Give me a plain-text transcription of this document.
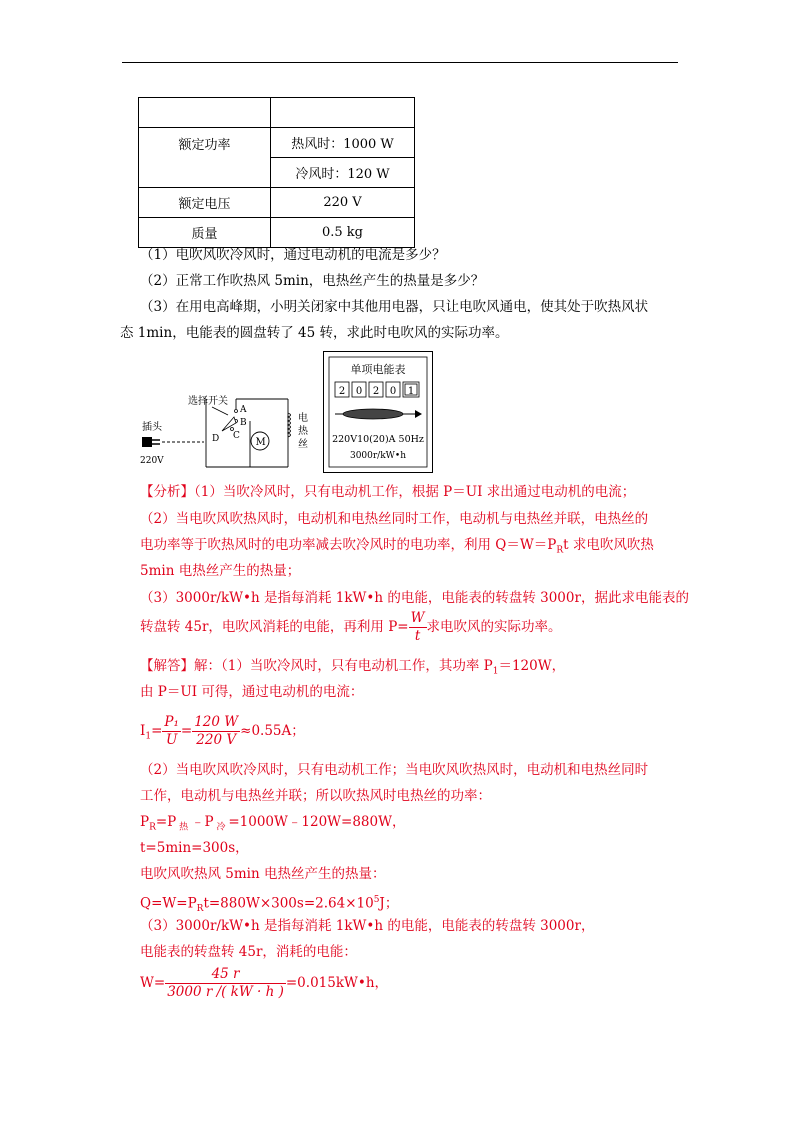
额定功率	热风时：1000 W
	冷风时：120 W
额定电压	220 V
质量	0.5 kg
（1）电吹风吹冷风时，通过电动机的电流是多少？
（2）正常工作吹热风 5min，电热丝产生的热量是多少？
（3）在用电高峰期，小明关闭家中其他用电器，只让电吹风通电，使其处于吹热风状
态 1min，电能表的圆盘转了 45 转，求此时电吹风的实际功率。
选择开关
插头
220V
电
热
丝
A
B
C
D	M
单项电能表
2 0 2 0 1
220V10(20)A 50Hz
3000r/kW•h
【分析】（1）当吹冷风时，只有电动机工作，根据 P＝UI 求出通过电动机的电流；
（2）当电吹风吹热风时，电动机和电热丝同时工作，电动机与电热丝并联，电热丝的
电功率等于吹热风时的电功率减去吹冷风时的电功率，利用 $Q=W=P_Rt$ 求电吹风吹热
5min 电热丝产生的热量；
（3）3000r/kW•h 是指每消耗 1kW•h 的电能，电能表的转盘转 3000r，据此求电能表的
转盘转 45r，电吹风消耗的电能，再利用 $P= \frac{W}{t}$ 求电吹风的实际功率。
【解答】解：（1）当吹冷风时，只有电动机工作，其功率 $P_1=120W$，
由 P＝UI 可得，通过电动机的电流：
$I_1= \frac{\text{P₁}}{U} = \frac{120 W}{220 V} \approx 0.55A$；
（2）当电吹风吹冷风时，只有电动机工作；当电吹风吹热风时，电动机和电热丝同时
工作，电动机与电热丝并联；所以吹热风时电热丝的功率：
$P_R=P$ $_热$ ﹣P $_冷$ =1000W﹣120W=880W，
t=5min=300s，
电吹风吹热风 5min 电热丝产生的热量：
$Q=W=P_Rt=880W\times 300s=2.64\times 10^5J$；
（3）3000r/kW•h 是指每消耗 1kW•h 的电能，电能表的转盘转 3000r，
电能表的转盘转 45r，消耗的电能：
$W= \frac{45 r}{3000 r /( kW \cdot h )}$ =0.015kW•h，
